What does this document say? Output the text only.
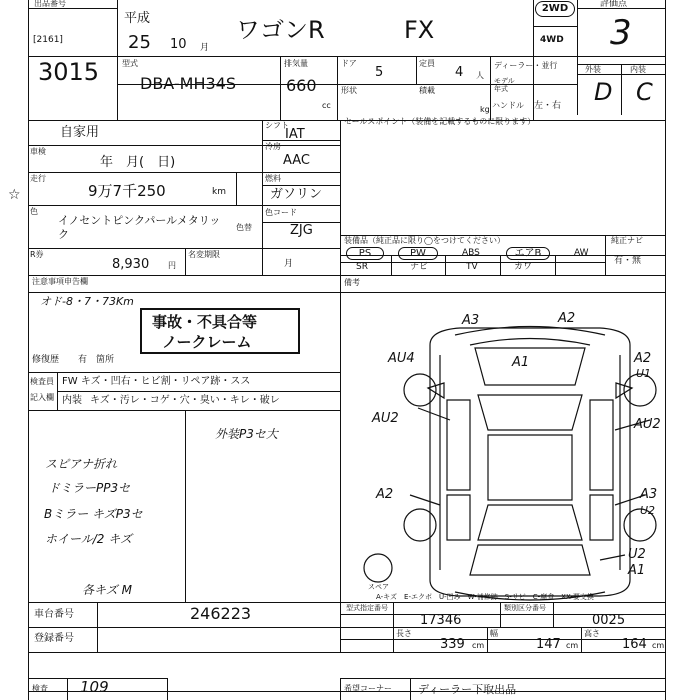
出品番号
[2161]
3015
平成
25 10 月
ワゴンR	FX
2WD
4WD
評価点
3
型式
DBA-MH34S
排気量
660
cc
ドア
5
定員
4 人
形状	積載
kg
ディーラー・並行
モデル
年式
ハンドル 左・右
外装	内装
D C
自家用
車検
年　月(　日)
走行
9万7千250	km
色
イノセントピンクパールメタリック
色替
R券
8,930 円
名変期限
月
シフト
IAT
冷房
AAC
燃料
ガソリン
色コード
ZJG
セールスポイント（装備を記載するものに限ります）
装備品（純正品に限り◯をつけてください）	純正ナビ
有・無
PS	PW	ABS	エアB	AW
SR	ナビ	TV	カワ
備考
注意事項申告欄
オド-8・7・73Km
事故・不具合等
ノークレーム
修復歴 有　箇所
検査員
記入欄
FW キズ・凹右・ヒビ割・リペア跡・スス
内装 キズ・汚レ・コゲ・穴・臭い・キレ・破レ
外装P3セ大
スピアナ折れ
ドミラーPP3セ
Bミラー キズP3セ
ホイール/2 キズ
各キズ M
☆
A3	A2
A1
AU4	A2
U1
AU2	AU2
A2	A3
U2
U2
A1
スペア
A-キズ　E-エクボ　U-凹み　W-補修跡　S-サビ　C-腐食　XX-要交換
車台番号	246223
登録番号
型式指定番号
17346
類別区分番号
0025
長さ
339 cm
幅
147 cm
高さ
164 cm
検査 109	希望コーナー ディーラー下取出品
